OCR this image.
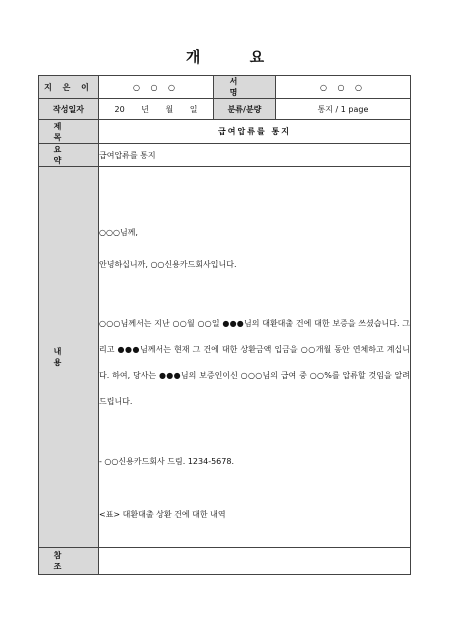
개 요
지 은 이	○ ○ ○	서 명	○ ○ ○
작성일자	20 년 월 일	분류/분량	통지 / 1 page
제 목	급여압류를 통지		
요 약	급여압류를 통지		
내 용	○○○님께,

안녕하십니까, ○○신용카드회사입니다.

○○○님께서는 지난 ○○월 ○○일 ●●●님의 대환대출 건에 대한 보증을 쓰셨습니다. 그리고 ●●●님께서는 현재 그 건에 대한 상환금액 입금을 ○○개월 동안 연체하고 계십니다. 하여, 당사는 ●●●님의 보증인이신 ○○○님의 급여 중 ○○%를 압류할 것임을 알려드립니다.

- ○○신용카드회사 드림. 1234-5678.

<표> 대환대출 상환 건에 대한 내역		

참 조			
